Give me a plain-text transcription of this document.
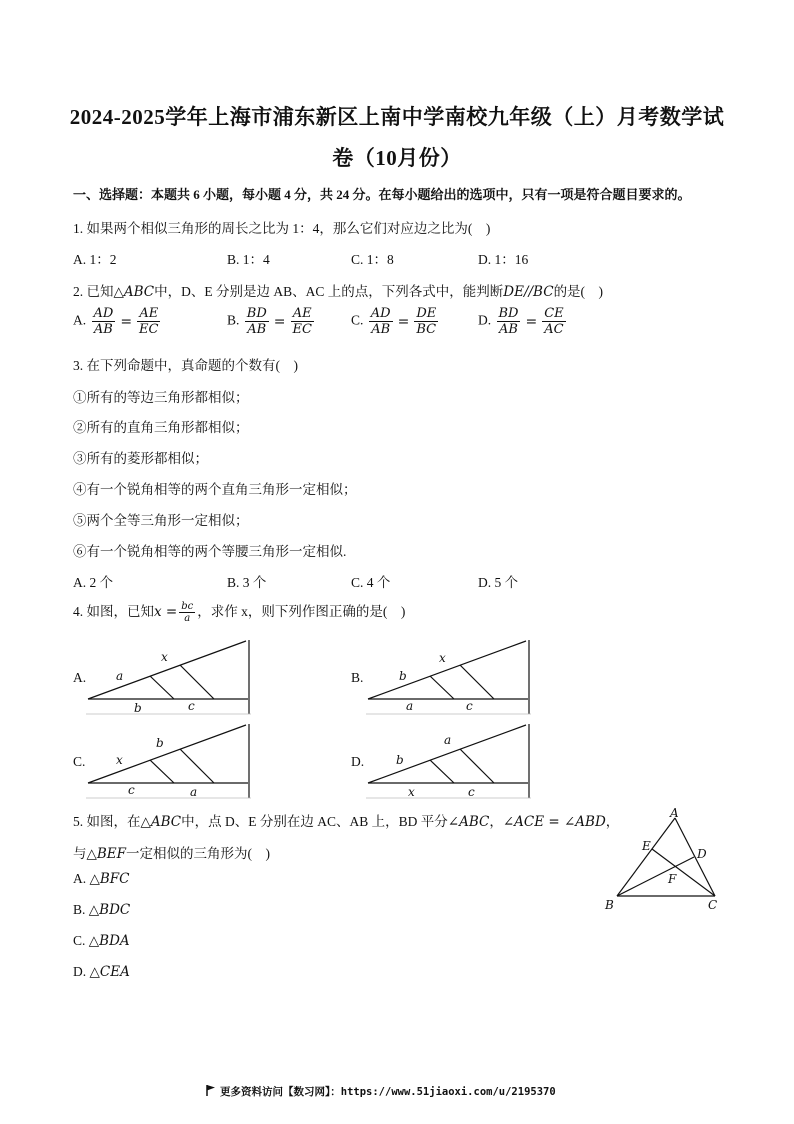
2024-2025学年上海市浦东新区上南中学南校九年级（上）月考数学试
卷（10月份）
一、选择题：本题共 6 小题，每小题 4 分，共 24 分。在每小题给出的选项中，只有一项是符合题目要求的。
1. 如果两个相似三角形的周长之比为 1：4，那么它们对应边之比为(　)
A. 1：2	B. 1：4	C. 1：8	D. 1：16
2. 已知△ABC中，D、E 分别是边 AB、AC 上的点，下列各式中，能判断DE//BC的是(　)
A. $\frac{AD}{AB} = \frac{AE}{EC}$	B. $\frac{BD}{AB} = \frac{AE}{EC}$	C. $\frac{AD}{AB} = \frac{DE}{BC}$	D. $\frac{BD}{AB} = \frac{CE}{AC}$
3. 在下列命题中，真命题的个数有(　)
①所有的等边三角形都相似；
②所有的直角三角形都相似；
③所有的菱形都相似；
④有一个锐角相等的两个直角三角形一定相似；
⑤两个全等三角形一定相似；
⑥有一个锐角相等的两个等腰三角形一定相似.
A. 2 个	B. 3 个	C. 4 个	D. 5 个
4. 如图，已知$x = \frac{bc}{a}$ ，求作 x，则下列作图正确的是(　)
A. a
x
b	c
B.	b
x
a	c
C.	x
b
c	a
D.	b
a
x	c
5. 如图，在△ABC中，点 D、E 分别在边 AC、AB 上，BD 平分∠ABC，∠ACE = ∠ABD，
与△BEF一定相似的三角形为(　)
A. △BFC
B. △BDC
C. △BDA
D. △CEA
A
B	C
D
E
F
更多资料访问【数习网】：https://www.51jiaoxi.com/u/2195370
